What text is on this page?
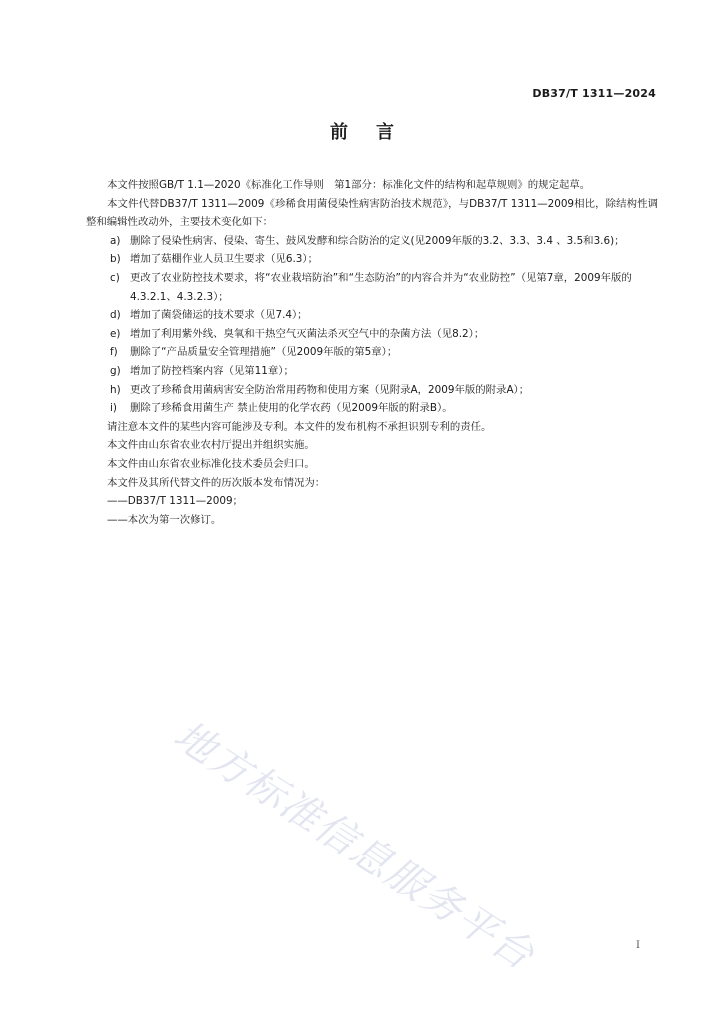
DB37/T 1311—2024
前言

本文件按照GB/T 1.1—2020《标准化工作导则　第1部分：标准化文件的结构和起草规则》的规定起草。

本文件代替DB37/T 1311—2009《珍稀食用菌侵染性病害防治技术规范》，与DB37/T 1311—2009相比，除结构性调整和编辑性改动外，主要技术变化如下：

a) 删除了侵染性病害、侵染、寄生、鼓风发酵和综合防治的定义(见2009年版的3.2、3.3、3.4 、3.5和3.6)；

b) 增加了菇棚作业人员卫生要求（见6.3）；

c) 更改了农业防控技术要求，将“农业栽培防治”和“生态防治”的内容合并为“农业防控”（见第7章，2009年版的4.3.2.1、4.3.2.3）；

d) 增加了菌袋储运的技术要求（见7.4）；

e) 增加了利用紫外线、臭氧和干热空气灭菌法杀灭空气中的杂菌方法（见8.2）；

f) 删除了“产品质量安全管理措施”（见2009年版的第5章）；

g) 增加了防控档案内容（见第11章）；

h) 更改了珍稀食用菌病害安全防治常用药物和使用方案（见附录A，2009年版的附录A）；

i) 删除了珍稀食用菌生产 禁止使用的化学农药（见2009年版的附录B）。

请注意本文件的某些内容可能涉及专利。本文件的发布机构不承担识别专利的责任。

本文件由山东省农业农村厅提出并组织实施。

本文件由山东省农业标准化技术委员会归口。

本文件及其所代替文件的历次版本发布情况为：

——DB37/T 1311—2009；

——本次为第一次修订。

地方标准信息服务平台	I
